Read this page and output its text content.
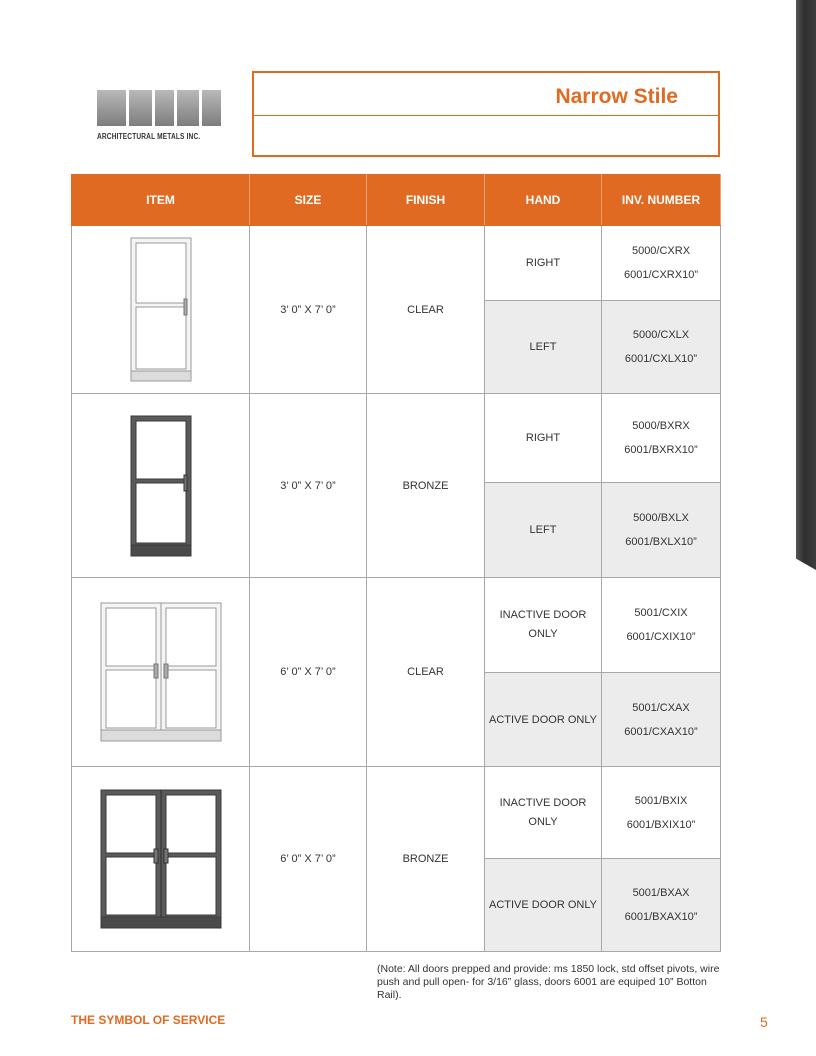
ARCHITECTURAL METALS INC.
Narrow Stile
ITEM	SIZE	FINISH	HAND	INV. NUMBER

	3’ 0” X 7’ 0”	CLEAR	RIGHT	5000/CXRX
6001/CXRX10”

			LEFT	5000/CXLX
6001/CXLX10”

	3’ 0” X 7’ 0”	BRONZE	RIGHT	5000/BXRX
6001/BXRX10”

			LEFT	5000/BXLX
6001/BXLX10”

	6’ 0” X 7’ 0”	CLEAR	INACTIVE DOOR ONLY	5001/CXIX
6001/CXIX10”

			ACTIVE DOOR ONLY	5001/CXAX
6001/CXAX10”

	6’ 0” X 7’ 0”	BRONZE	INACTIVE DOOR ONLY	5001/BXIX
6001/BXIX10”

			ACTIVE DOOR ONLY	5001/BXAX
6001/BXAX10”
(Note: All doors prepped and provide: ms 1850 lock, std offset pivots, wire push and pull open- for 3/16” glass, doors 6001 are equiped 10” Botton Rail).
THE SYMBOL OF SERVICE	5
